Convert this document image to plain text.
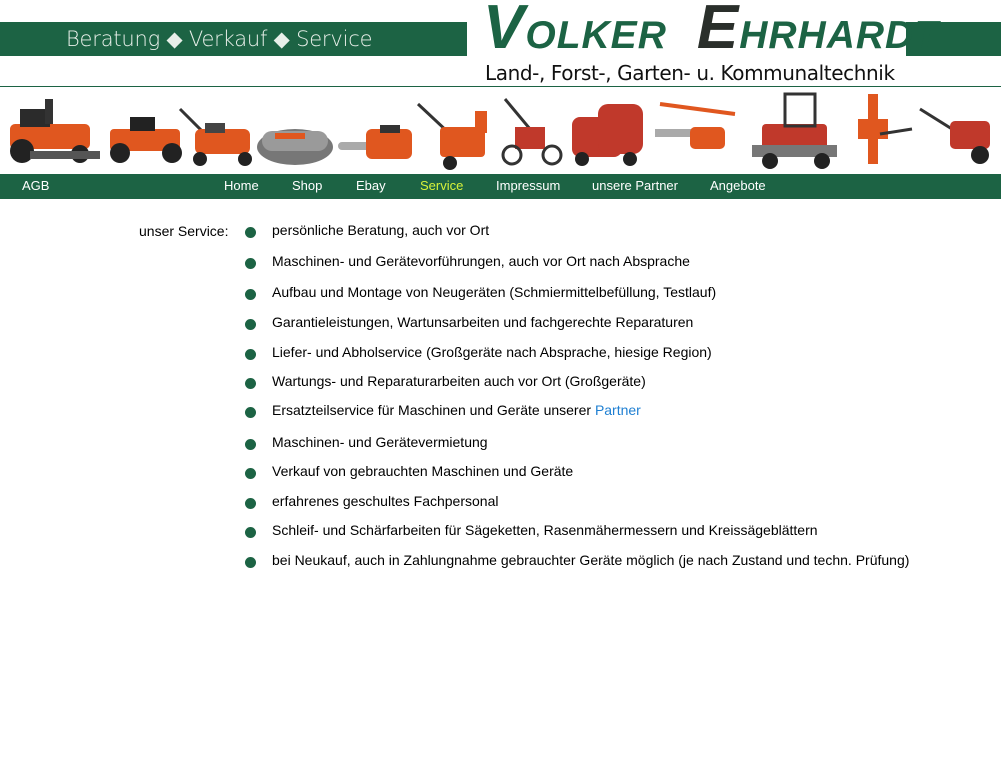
Beratung ◆ Verkauf ◆ Service VOLKER EHRHARDT
Land-, Forst-, Garten- u. Kommunaltechnik
AGB	Home	Shop	Ebay	Service	Impressum unsere Partner Angebote
unser Service:	persönliche Beratung, auch vor Ort
Maschinen- und Gerätevorführungen, auch vor Ort nach Absprache
Aufbau und Montage von Neugeräten (Schmiermittelbefüllung, Testlauf)
Garantieleistungen, Wartunsarbeiten und fachgerechte Reparaturen
Liefer- und Abholservice (Großgeräte nach Absprache, hiesige Region)
Wartungs- und Reparaturarbeiten auch vor Ort (Großgeräte)
Ersatzteilservice für Maschinen und Geräte unserer Partner
Maschinen- und Gerätevermietung
Verkauf von gebrauchten Maschinen und Geräte
erfahrenes geschultes Fachpersonal
Schleif- und Schärfarbeiten für Sägeketten, Rasenmähermessern und Kreissägeblättern
bei Neukauf, auch in Zahlungnahme gebrauchter Geräte möglich (je nach Zustand und techn. Prüfung)
